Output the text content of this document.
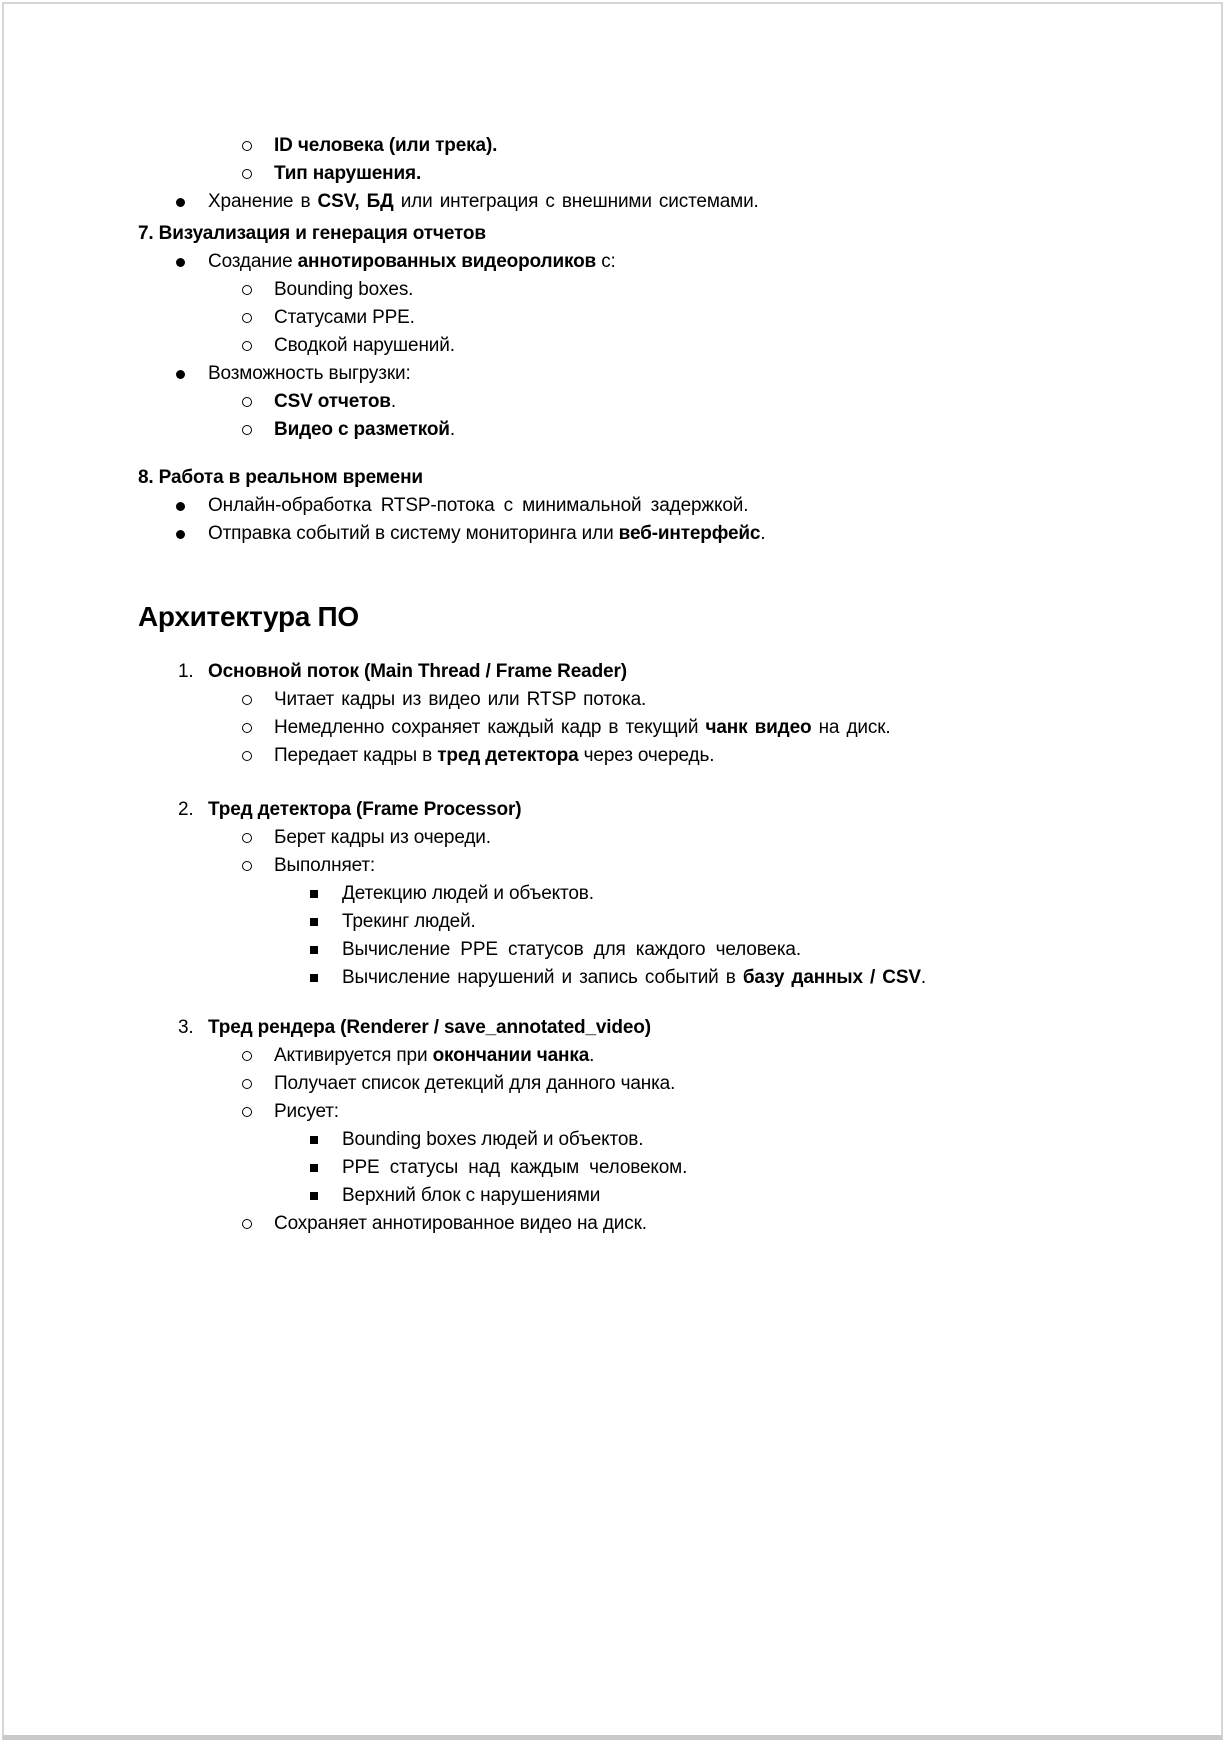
ID человека (или трека).
Тип нарушения.
Хранение в CSV, БД или интеграция с внешними системами.
7. Визуализация и генерация отчетов
Создание аннотированных видеороликов с:
Bounding boxes.
Статусами PPE.
Сводкой нарушений.
Возможность выгрузки:
CSV отчетов.
Видео с разметкой.
8. Работа в реальном времени
Онлайн-обработка RTSP-потока с минимальной задержкой.
Отправка событий в систему мониторинга или веб-интерфейс.
Архитектура ПО
1. Основной поток (Main Thread / Frame Reader)
Читает кадры из видео или RTSP потока.
Немедленно сохраняет каждый кадр в текущий чанк видео на диск.
Передает кадры в тред детектора через очередь.
2. Тред детектора (Frame Processor)
Берет кадры из очереди.
Выполняет:
Детекцию людей и объектов.
Трекинг людей.
Вычисление PPE статусов для каждого человека.
Вычисление нарушений и запись событий в базу данных / CSV.
3. Тред рендера (Renderer / save_annotated_video)
Активируется при окончании чанка.
Получает список детекций для данного чанка.
Рисует:
Bounding boxes людей и объектов.
PPE статусы над каждым человеком.
Верхний блок с нарушениями
Сохраняет аннотированное видео на диск.
